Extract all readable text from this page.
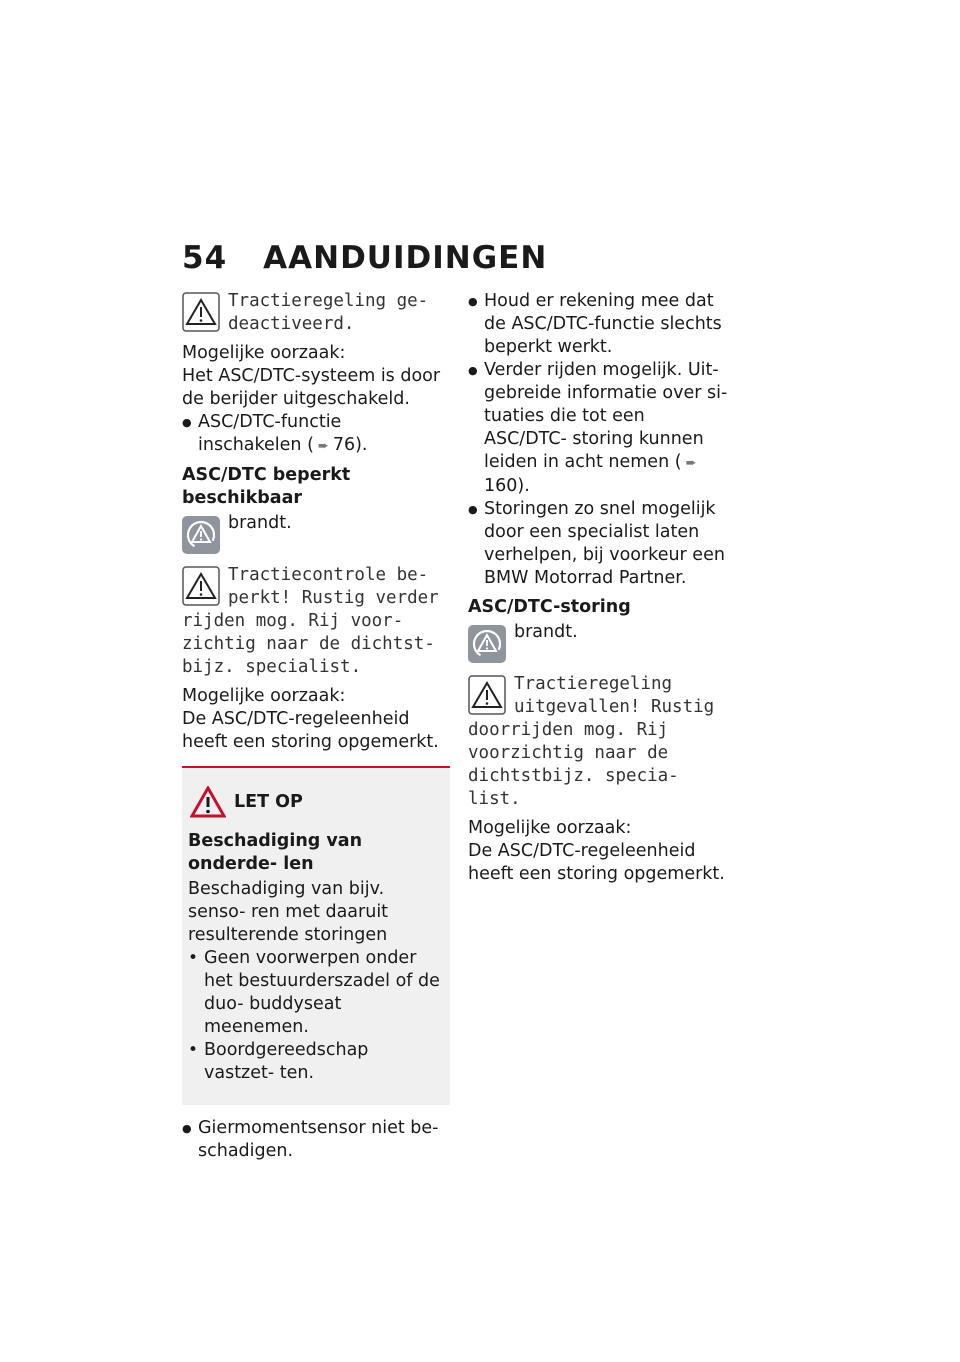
54 AANDUIDINGEN
Tractieregeling ge- deactiveerd.

Mogelijke oorzaak:

Het ASC/DTC-systeem is door de berijder uitgeschakeld.

● ASC/DTC-functie inschakelen ( ➨ 76).
ASC/DTC beperkt beschikbaar

brandt.

Tractiecontrole be- perkt! Rustig verder rijden mog. Rij voor- zichtig naar de dichtst- bijz. specialist.

Mogelijke oorzaak:

De ASC/DTC-regeleenheid heeft een storing opgemerkt.

LET OP
Beschadiging van onderde- len

Beschadiging van bijv. senso- ren met daaruit resulterende storingen

• Geen voorwerpen onder het bestuurderszadel of de duo- buddyseat meenemen.
• Boordgereedschap vastzet- ten.
● Giermomentsensor niet be- schadigen.
● Houd er rekening mee dat de ASC/DTC-functie slechts beperkt werkt.
● Verder rijden mogelijk. Uit- gebreide informatie over si- tuaties die tot een ASC/DTC- storing kunnen leiden in acht nemen ( ➨160).
● Storingen zo snel mogelijk door een specialist laten verhelpen, bij voorkeur een BMW Motorrad Partner.
ASC/DTC-storing

brandt.

Tractieregeling uitgevallen! Rustig doorrijden mog. Rij voorzichtig naar de dichtstbijz. specia- list.

Mogelijke oorzaak:

De ASC/DTC-regeleenheid heeft een storing opgemerkt.
